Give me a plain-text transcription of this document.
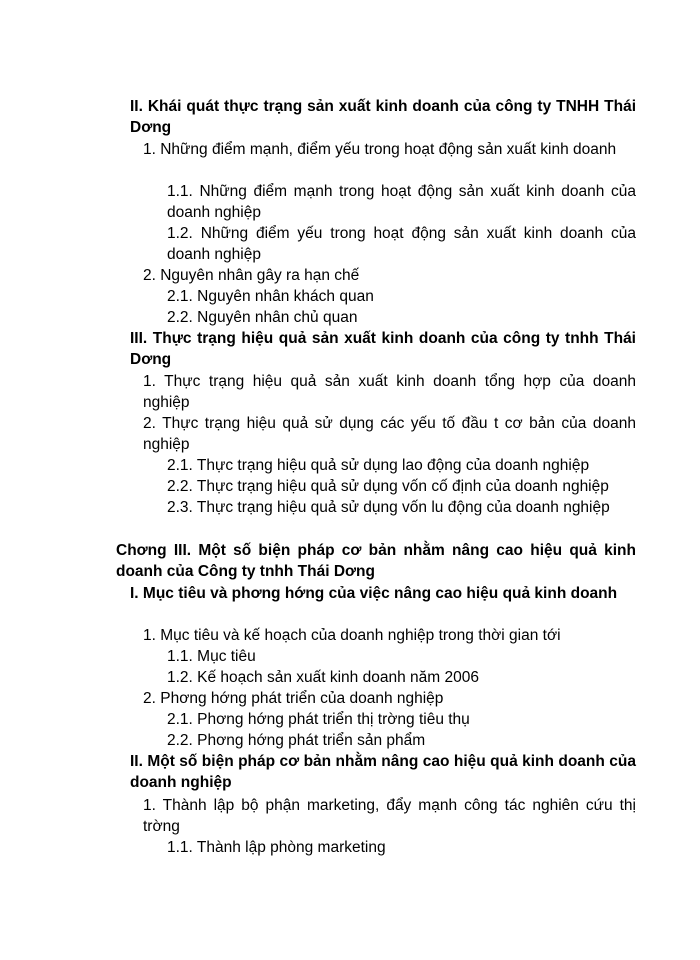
II. Khái quát thực trạng sản xuất kinh doanh của công ty TNHH Thái Dơng

1. Những điểm mạnh, điểm yếu trong hoạt động sản xuất kinh doanh

1.1. Những điểm mạnh trong hoạt động sản xuất kinh doanh của doanh nghiệp

1.2. Những điểm yếu trong hoạt động sản xuất kinh doanh của doanh nghiệp

2. Nguyên nhân gây ra hạn chế

2.1. Nguyên nhân khách quan

2.2. Nguyên nhân chủ quan

III. Thực trạng hiệu quả sản xuất kinh doanh của công ty tnhh Thái Dơng

1. Thực trạng hiệu quả sản xuất kinh doanh tổng hợp của doanh nghiệp

2. Thực trạng hiệu quả sử dụng các yếu tố đầu t cơ bản của doanh nghiệp

2.1. Thực trạng hiệu quả sử dụng lao động của doanh nghiệp

2.2. Thực trạng hiệu quả sử dụng vốn cố định của doanh nghiệp

2.3. Thực trạng hiệu quả sử dụng vốn lu động của doanh nghiệp

Chơng III. Một số biện pháp cơ bản nhằm nâng cao hiệu quả kinh doanh của Công ty tnhh Thái Dơng

I. Mục tiêu và phơng hớng của việc nâng cao hiệu quả kinh doanh

1. Mục tiêu và kế hoạch của doanh nghiệp trong thời gian tới

1.1. Mục tiêu

1.2. Kế hoạch sản xuất kinh doanh năm 2006

2. Phơng hớng phát triển của doanh nghiệp

2.1. Phơng hớng phát triển thị trờng tiêu thụ

2.2. Phơng hớng phát triển sản phẩm

II. Một số biện pháp cơ bản nhằm nâng cao hiệu quả kinh doanh của doanh nghiệp

1. Thành lập bộ phận marketing, đẩy mạnh công tác nghiên cứu thị trờng

1.1. Thành lập phòng marketing
